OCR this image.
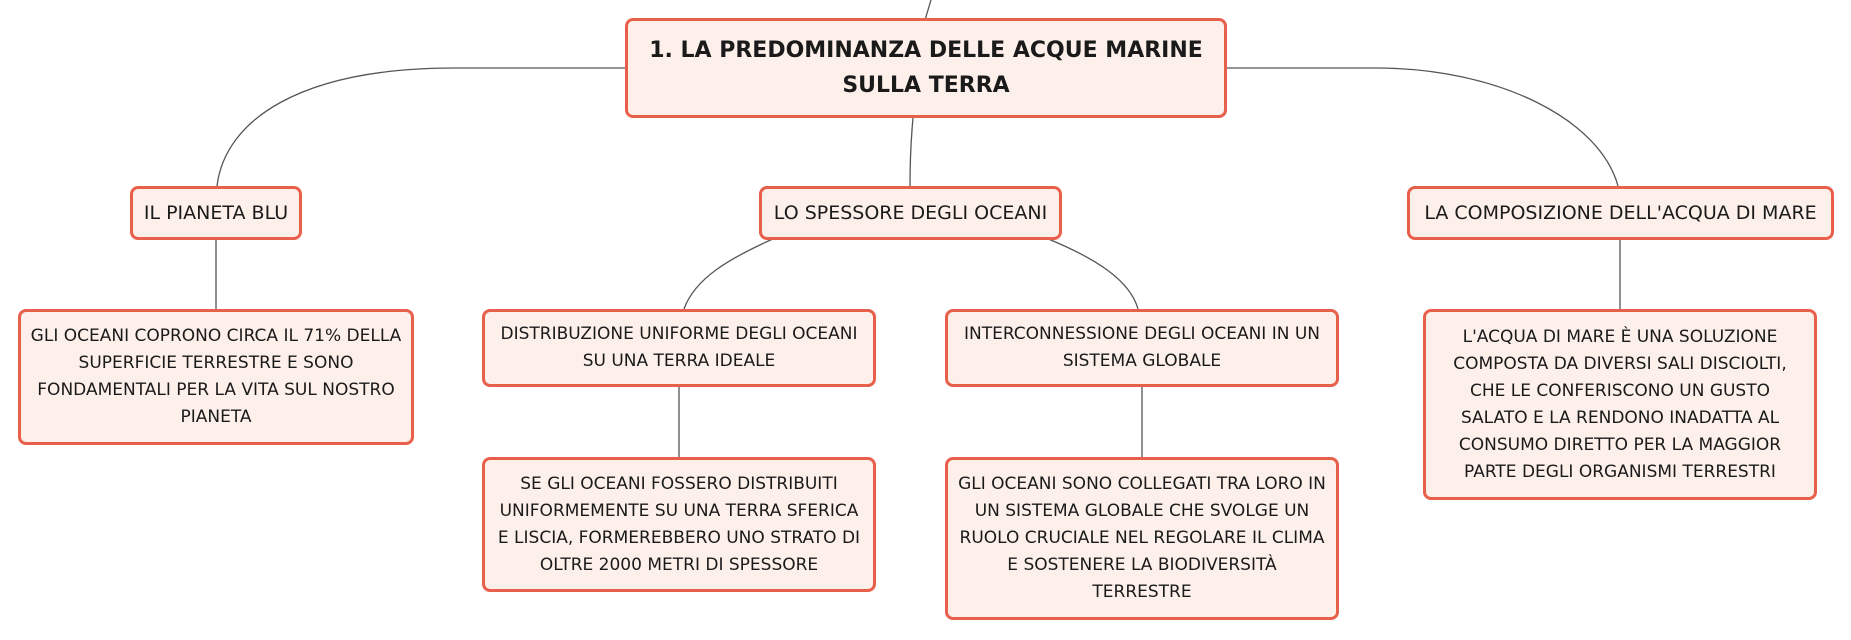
1. LA PREDOMINANZA DELLE ACQUE MARINE SULLA TERRA
IL PIANETA BLU	LO SPESSORE DEGLI OCEANI	LA COMPOSIZIONE DELL'ACQUA DI MARE
GLI OCEANI COPRONO CIRCA IL 71% DELLA SUPERFICIE TERRESTRE E SONO FONDAMENTALI PER LA VITA SUL NOSTRO PIANETA
DISTRIBUZIONE UNIFORME DEGLI OCEANI SU UNA TERRA IDEALE
INTERCONNESSIONE DEGLI OCEANI IN UN SISTEMA GLOBALE
SE GLI OCEANI FOSSERO DISTRIBUITI UNIFORMEMENTE SU UNA TERRA SFERICA E LISCIA, FORMEREBBERO UNO STRATO DI OLTRE 2000 METRI DI SPESSORE
GLI OCEANI SONO COLLEGATI TRA LORO IN UN SISTEMA GLOBALE CHE SVOLGE UN RUOLO CRUCIALE NEL REGOLARE IL CLIMA E SOSTENERE LA BIODIVERSITÀ TERRESTRE
L'ACQUA DI MARE È UNA SOLUZIONE COMPOSTA DA DIVERSI SALI DISCIOLTI, CHE LE CONFERISCONO UN GUSTO SALATO E LA RENDONO INADATTA AL CONSUMO DIRETTO PER LA MAGGIOR PARTE DEGLI ORGANISMI TERRESTRI
